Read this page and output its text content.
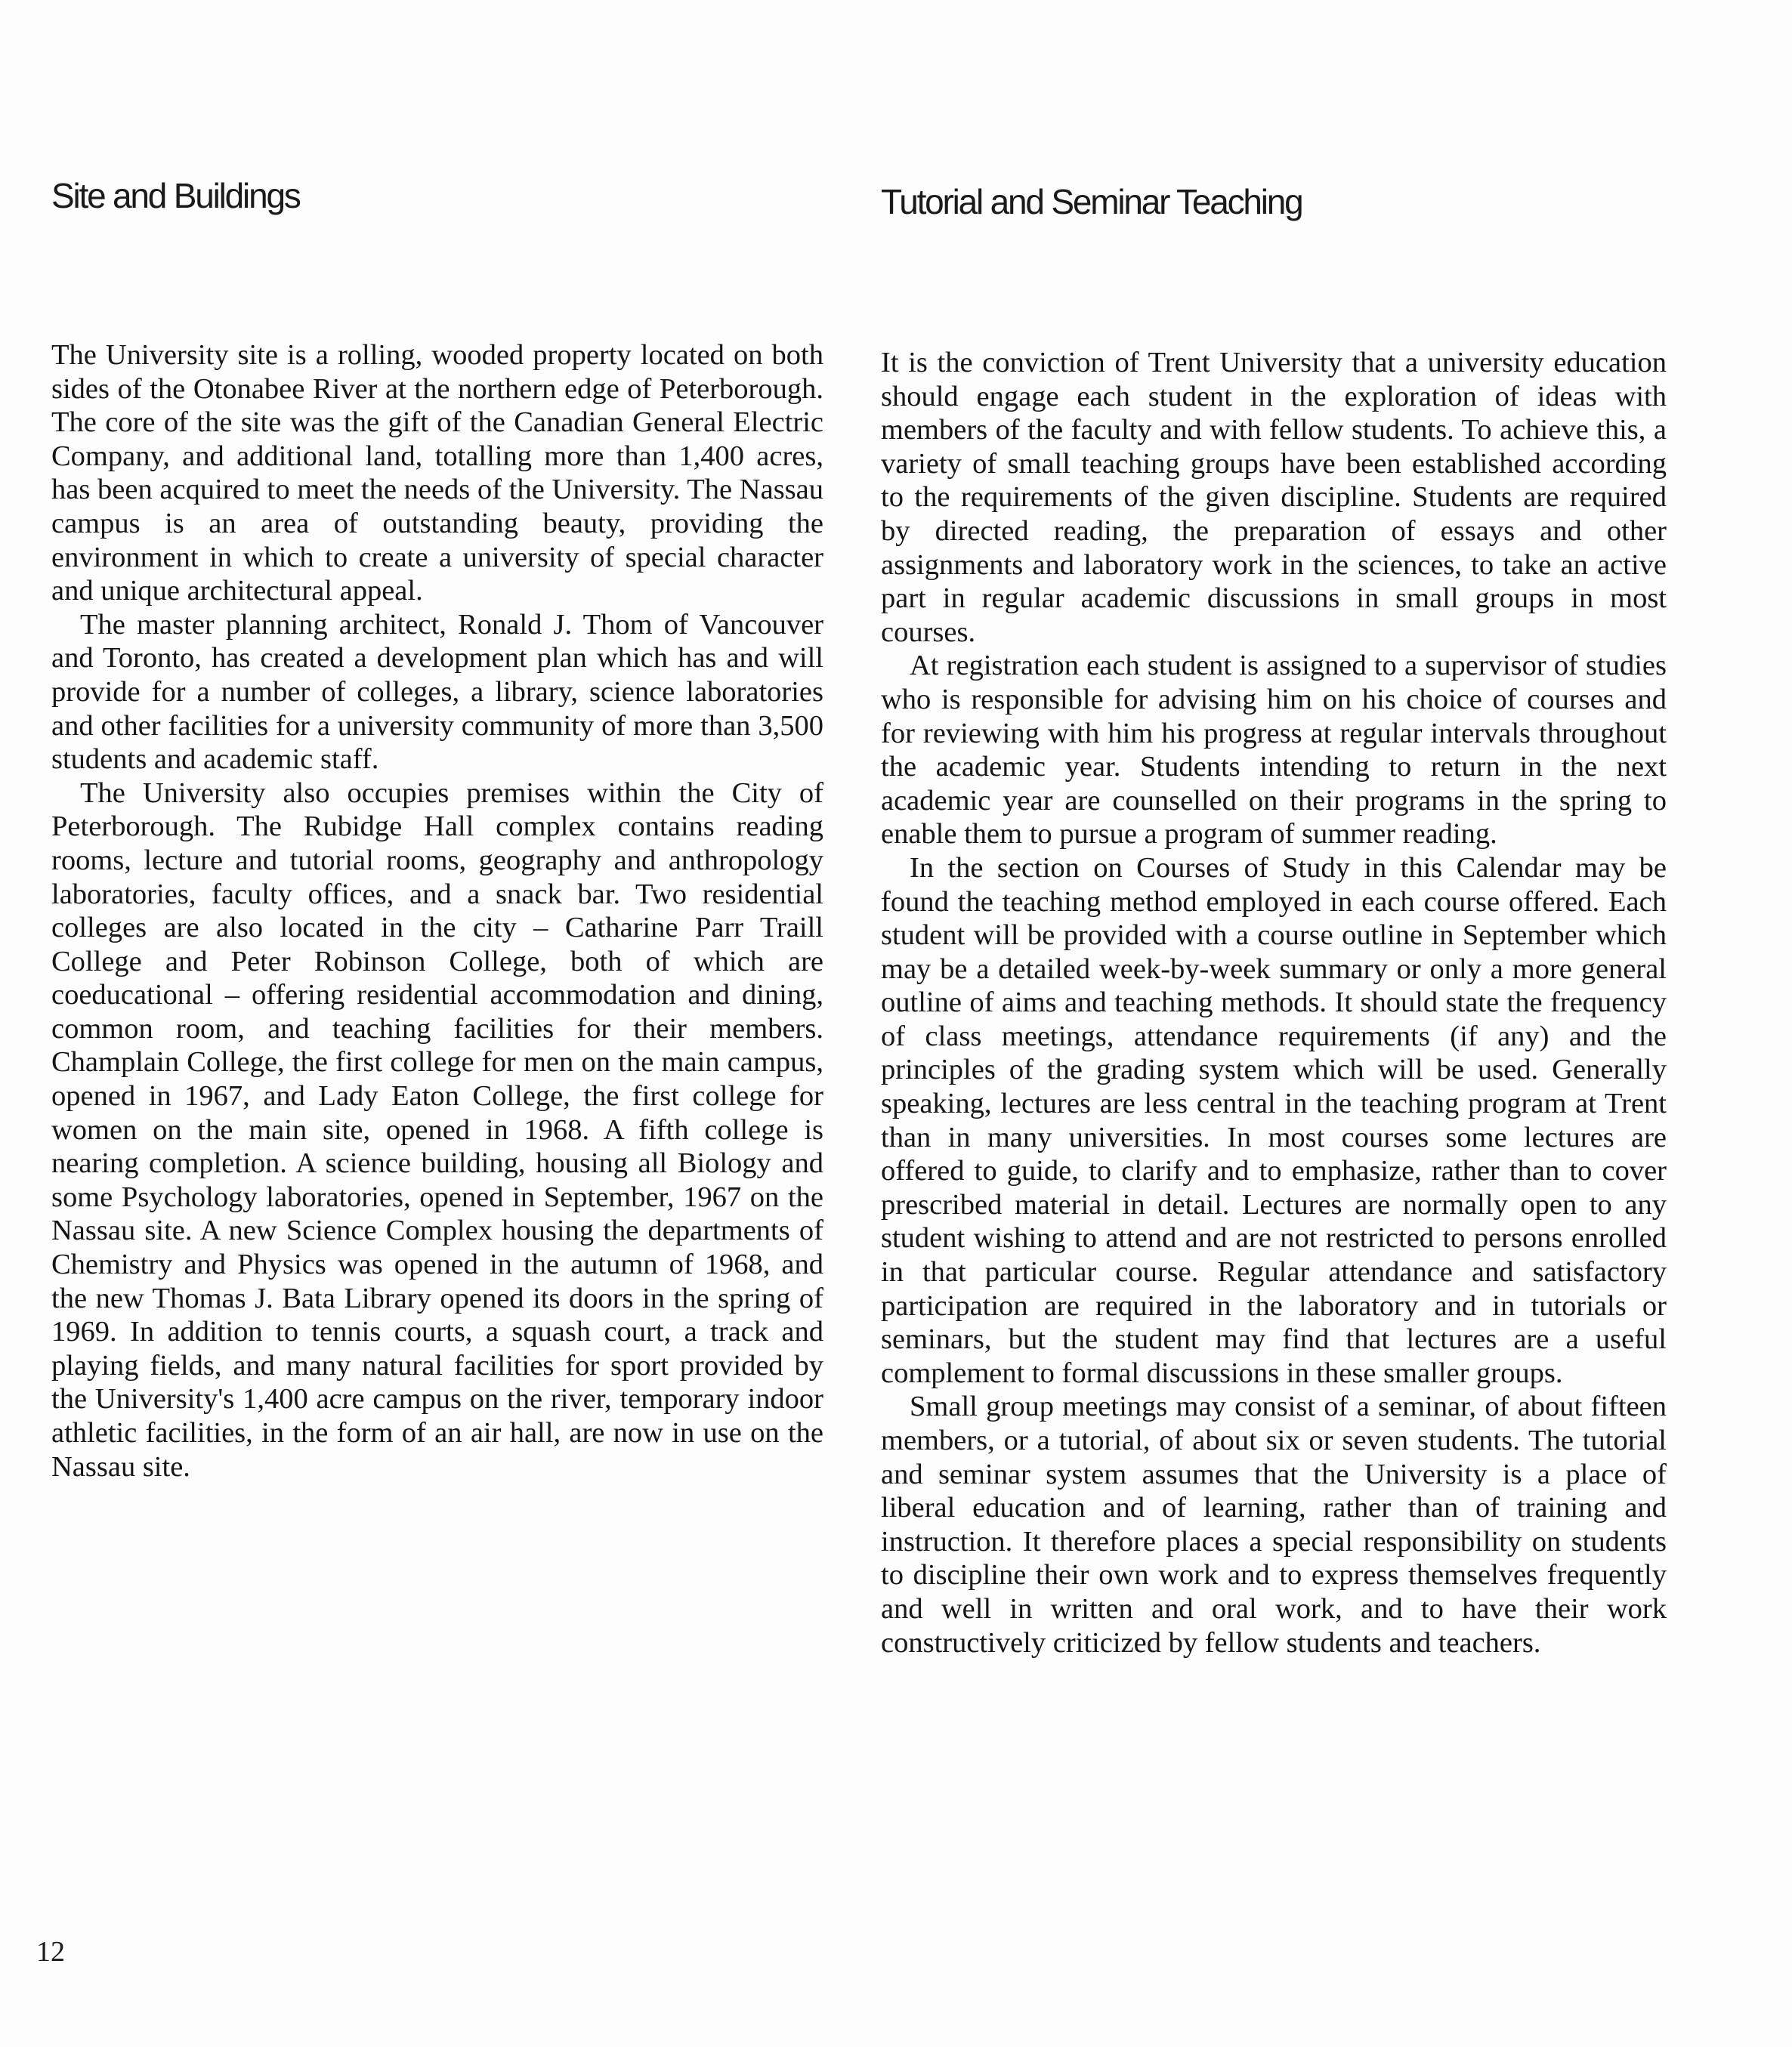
Site and Buildings

The University site is a rolling, wooded property located on both sides of the Otonabee River at the northern edge of Peterborough. The core of the site was the gift of the Canadian General Electric Company, and additional land, totalling more than 1,400 acres, has been acquired to meet the needs of the University. The Nassau campus is an area of outstanding beauty, providing the environment in which to create a university of special character and unique architectural appeal.

The master planning architect, Ronald J. Thom of Vancouver and Toronto, has created a development plan which has and will provide for a number of colleges, a library, science laboratories and other facilities for a university community of more than 3,500 students and academic staff.

The University also occupies premises within the City of Peterborough. The Rubidge Hall complex contains reading rooms, lecture and tutorial rooms, geography and anthropology laboratories, faculty offices, and a snack bar. Two residential colleges are also located in the city – Catharine Parr Traill College and Peter Robinson College, both of which are coeducational – offering residential accommodation and dining, common room, and teaching facilities for their members. Champlain College, the first college for men on the main campus, opened in 1967, and Lady Eaton College, the first college for women on the main site, opened in 1968. A fifth college is nearing completion. A science building, housing all Biology and some Psychology laboratories, opened in September, 1967 on the Nassau site. A new Science Complex housing the departments of Chemistry and Physics was opened in the autumn of 1968, and the new Thomas J. Bata Library opened its doors in the spring of 1969. In addition to tennis courts, a squash court, a track and playing fields, and many natural facilities for sport provided by the University's 1,400 acre campus on the river, temporary indoor athletic facilities, in the form of an air hall, are now in use on the Nassau site.

Tutorial and Seminar Teaching

It is the conviction of Trent University that a university education should engage each student in the exploration of ideas with members of the faculty and with fellow students. To achieve this, a variety of small teaching groups have been established according to the requirements of the given discipline. Students are required by directed reading, the preparation of essays and other assignments and laboratory work in the sciences, to take an active part in regular academic discussions in small groups in most courses.

At registration each student is assigned to a supervisor of studies who is responsible for advising him on his choice of courses and for reviewing with him his progress at regular intervals throughout the academic year. Students intending to return in the next academic year are counselled on their programs in the spring to enable them to pursue a program of summer reading.

In the section on Courses of Study in this Calendar may be found the teaching method employed in each course offered. Each student will be provided with a course outline in September which may be a detailed week-by-week summary or only a more general outline of aims and teaching methods. It should state the frequency of class meetings, attendance requirements (if any) and the principles of the grading system which will be used. Generally speaking, lectures are less central in the teaching program at Trent than in many universities. In most courses some lectures are offered to guide, to clarify and to emphasize, rather than to cover prescribed material in detail. Lectures are normally open to any student wishing to attend and are not restricted to persons enrolled in that particular course. Regular attendance and satisfactory participation are required in the laboratory and in tutorials or seminars, but the student may find that lectures are a useful complement to formal discussions in these smaller groups.

Small group meetings may consist of a seminar, of about fifteen members, or a tutorial, of about six or seven students. The tutorial and seminar system assumes that the University is a place of liberal education and of learning, rather than of training and instruction. It therefore places a special responsibility on students to discipline their own work and to express themselves frequently and well in written and oral work, and to have their work constructively criticized by fellow students and teachers.

12
